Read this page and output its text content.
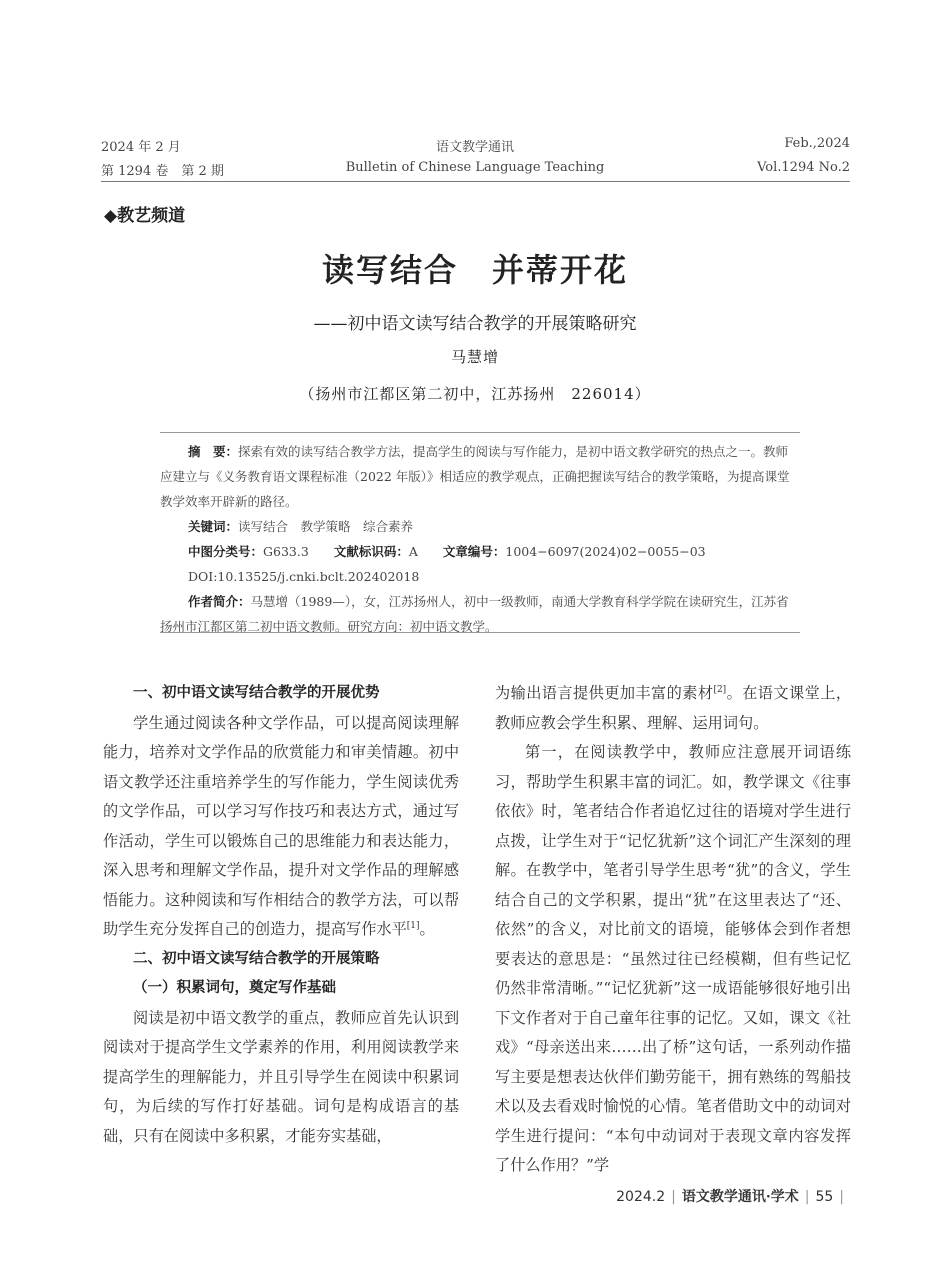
2024 年 2 月
第 1294 卷　第 2 期
语文教学通讯
Bulletin of Chinese Language Teaching
Feb.,2024
Vol.1294 No.2
◆教艺频道
读写结合　并蒂开花
——初中语文读写结合教学的开展策略研究
马慧增
（扬州市江都区第二初中，江苏扬州　226014）

摘　要：探索有效的读写结合教学方法，提高学生的阅读与写作能力，是初中语文教学研究的热点之一。教师应建立与《义务教育语文课程标准（2022 年版）》相适应的教学观点，正确把握读写结合的教学策略，为提高课堂教学效率开辟新的路径。

关键词：读写结合　教学策略　综合素养

中图分类号：G633.3　　 文献标识码：A　　 文章编号：1004−6097(2024)02−0055−03

DOI:10.13525/j.cnki.bclt.202402018

作者简介：马慧增（1989—），女，江苏扬州人，初中一级教师，南通大学教育科学学院在读研究生，江苏省扬州市江都区第二初中语文教师。研究方向：初中语文教学。

一、初中语文读写结合教学的开展优势

学生通过阅读各种文学作品，可以提高阅读理解能力，培养对文学作品的欣赏能力和审美情趣。初中语文教学还注重培养学生的写作能力，学生阅读优秀的文学作品，可以学习写作技巧和表达方式，通过写作活动，学生可以锻炼自己的思维能力和表达能力，深入思考和理解文学作品，提升对文学作品的理解感悟能力。这种阅读和写作相结合的教学方法，可以帮助学生充分发挥自己的创造力，提高写作水平[1]。

二、初中语文读写结合教学的开展策略

（一）积累词句，奠定写作基础

阅读是初中语文教学的重点，教师应首先认识到阅读对于提高学生文学素养的作用，利用阅读教学来提高学生的理解能力，并且引导学生在阅读中积累词句，为后续的写作打好基础。词句是构成语言的基础，只有在阅读中多积累，才能夯实基础，

为输出语言提供更加丰富的素材[2]。在语文课堂上，教师应教会学生积累、理解、运用词句。

第一，在阅读教学中，教师应注意展开词语练习，帮助学生积累丰富的词汇。如，教学课文《往事依依》时，笔者结合作者追忆过往的语境对学生进行点拨，让学生对于“记忆犹新”这个词汇产生深刻的理解。在教学中，笔者引导学生思考“犹”的含义，学生结合自己的文学积累，提出“犹”在这里表达了“还、依然”的含义，对比前文的语境，能够体会到作者想要表达的意思是：“虽然过往已经模糊，但有些记忆仍然非常清晰。”“记忆犹新”这一成语能够很好地引出下文作者对于自己童年往事的记忆。又如，课文《社戏》“母亲送出来……出了桥”这句话，一系列动作描写主要是想表达伙伴们勤劳能干，拥有熟练的驾船技术以及去看戏时愉悦的心情。笔者借助文中的动词对学生进行提问：“本句中动词对于表现文章内容发挥了什么作用？”学

2024.2 | 语文教学通讯·学术 | 55 |
